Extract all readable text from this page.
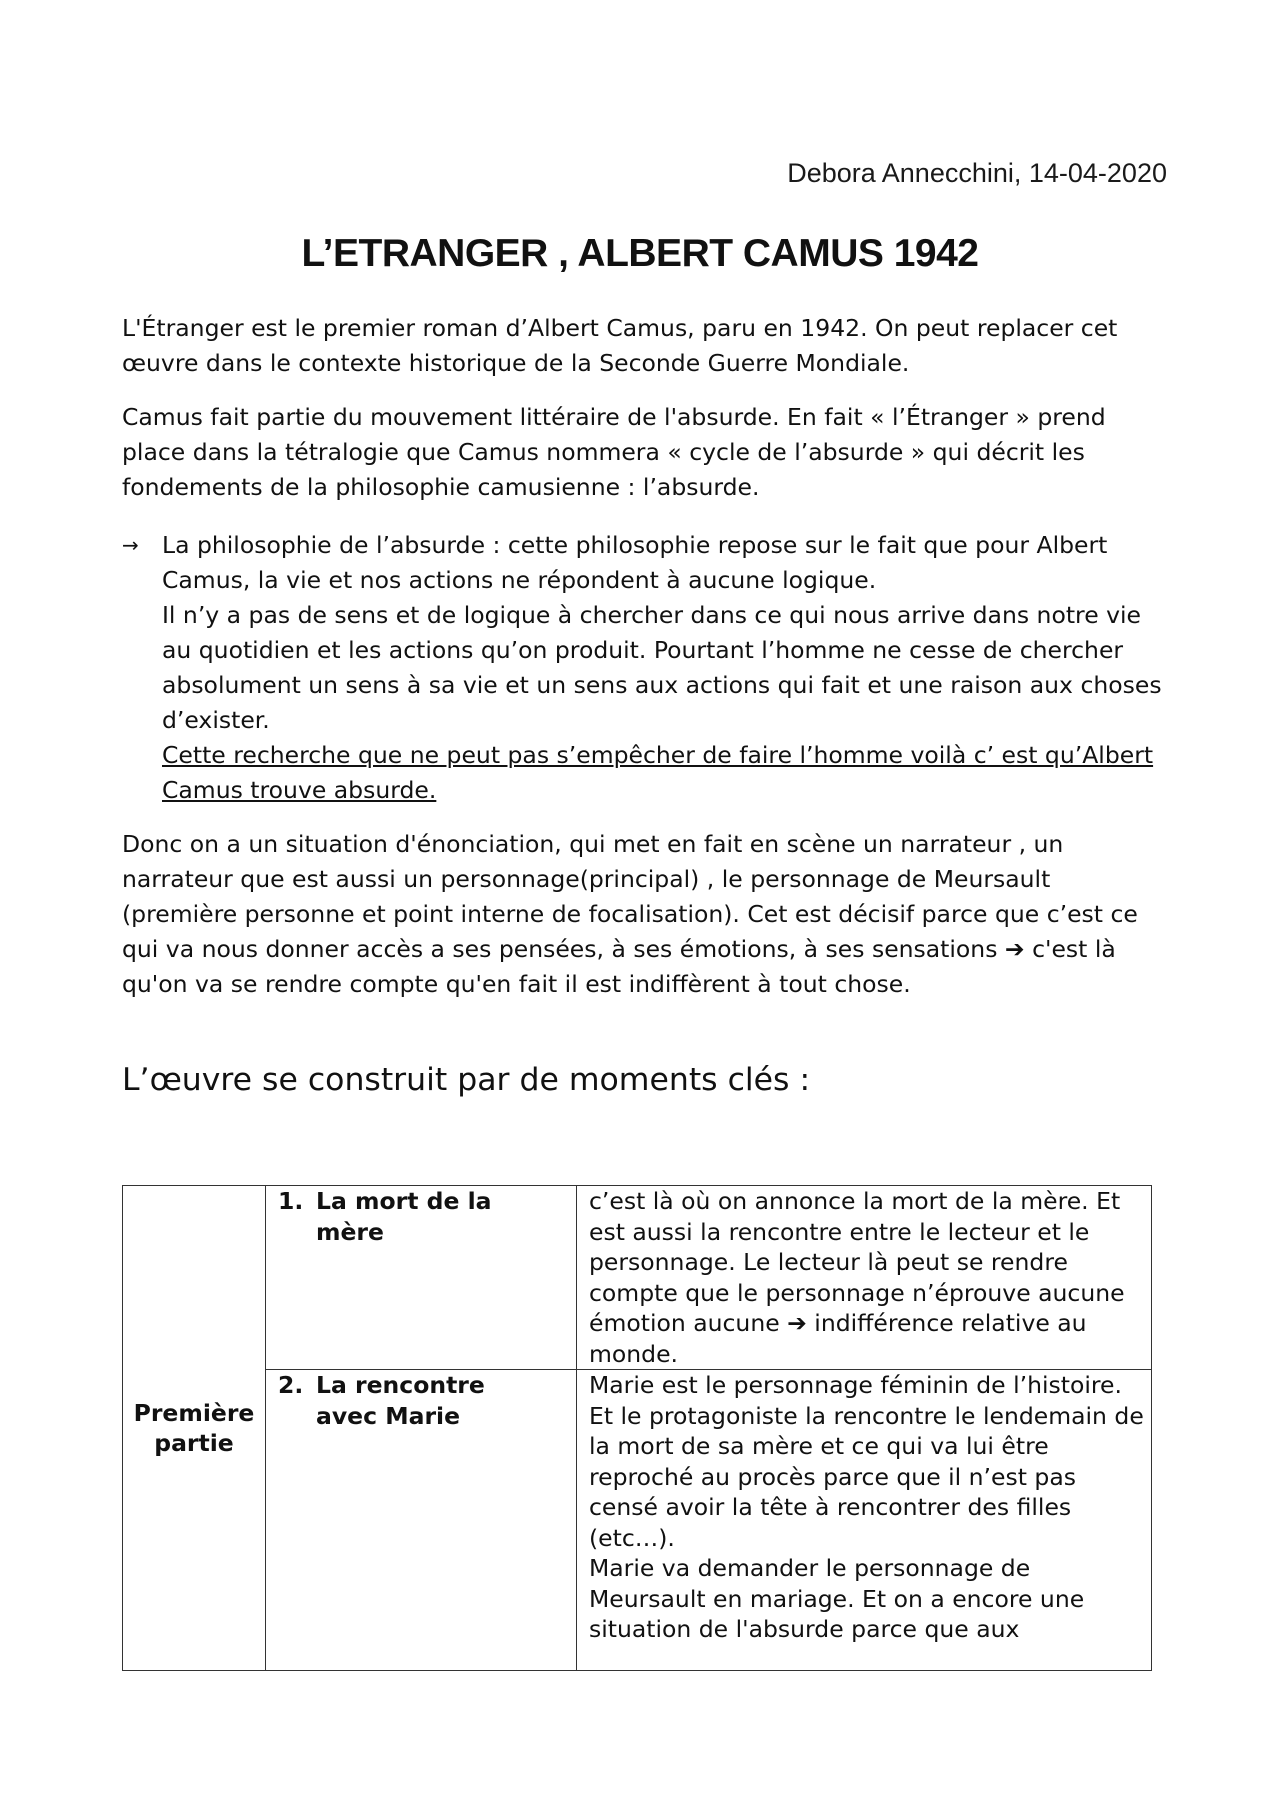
Debora Annecchini, 14-04-2020
L’ETRANGER , ALBERT CAMUS 1942
L'Étranger est le premier roman d’Albert Camus, paru en 1942. On peut replacer cet œuvre dans le contexte historique de la Seconde Guerre Mondiale.
Camus fait partie du mouvement littéraire de l'absurde. En fait « l’Étranger » prend place dans la tétralogie que Camus nommera « cycle de l’absurde » qui décrit les fondements de la philosophie camusienne : l’absurde.
→ La philosophie de l’absurde : cette philosophie repose sur le fait que pour Albert Camus, la vie et nos actions ne répondent à aucune logique.
Il n’y a pas de sens et de logique à chercher dans ce qui nous arrive dans notre vie au quotidien et les actions qu’on produit. Pourtant l’homme ne cesse de chercher absolument un sens à sa vie et un sens aux actions qui fait et une raison aux choses d’exister.
Cette recherche que ne peut pas s’empêcher de faire l’homme voilà c’ est qu’Albert Camus trouve absurde.
Donc on a un situation d'énonciation, qui met en fait en scène un narrateur , un narrateur que est aussi un personnage(principal) , le personnage de Meursault (première personne et point interne de focalisation). Cet est décisif parce que c’est ce qui va nous donner accès a ses pensées, à ses émotions, à ses sensations ➔ c'est là qu'on va se rendre compte qu'en fait il est indiffèrent à tout chose.
L’œuvre se construit par de moments clés :
Première partie	1. La mort de la mère	c’est là où on annonce la mort de la mère. Et est aussi la rencontre entre le lecteur et le personnage. Le lecteur là peut se rendre compte que le personnage n’éprouve aucune émotion aucune ➔ indifférence relative au monde.
	2. La rencontre avec Marie	Marie est le personnage féminin de l’histoire.
Et le protagoniste la rencontre le lendemain de la mort de sa mère et ce qui va lui être reproché au procès parce que il n’est pas censé avoir la tête à rencontrer des filles (etc…).
Marie va demander le personnage de Meursault en mariage. Et on a encore une situation de l'absurde parce que aux
